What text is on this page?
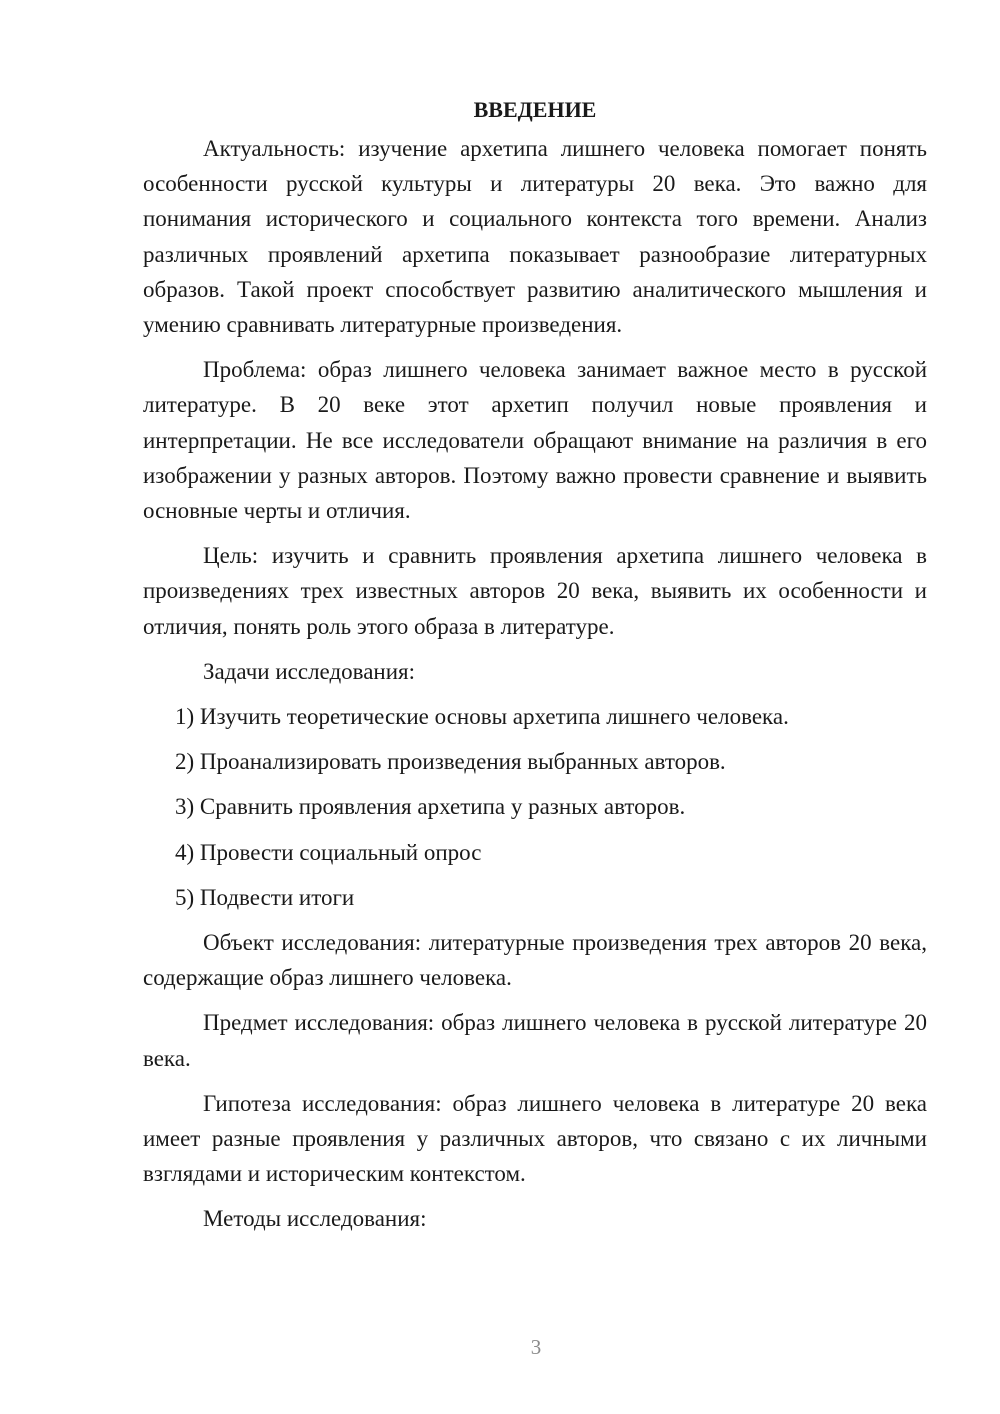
ВВЕДЕНИЕ

Актуальность: изучение архетипа лишнего человека помогает понять особенности русской культуры и литературы 20 века. Это важно для понимания исторического и социального контекста того времени. Анализ различных проявлений архетипа показывает разнообразие литературных образов. Такой проект способствует развитию аналитического мышления и умению сравнивать литературные произведения.

Проблема: образ лишнего человека занимает важное место в русской литературе. В 20 веке этот архетип получил новые проявления и интерпретации. Не все исследователи обращают внимание на различия в его изображении у разных авторов. Поэтому важно провести сравнение и выявить основные черты и отличия.

Цель: изучить и сравнить проявления архетипа лишнего человека в произведениях трех известных авторов 20 века, выявить их особенности и отличия, понять роль этого образа в литературе.

Задачи исследования:

1) Изучить теоретические основы архетипа лишнего человека.

2) Проанализировать произведения выбранных авторов.

3) Сравнить проявления архетипа у разных авторов.

4) Провести социальный опрос

5) Подвести итоги

Объект исследования: литературные произведения трех авторов 20 века, содержащие образ лишнего человека.

Предмет исследования: образ лишнего человека в русской литературе 20 века.

Гипотеза исследования: образ лишнего человека в литературе 20 века имеет разные проявления у различных авторов, что связано с их личными взглядами и историческим контекстом.

Методы исследования:

3
